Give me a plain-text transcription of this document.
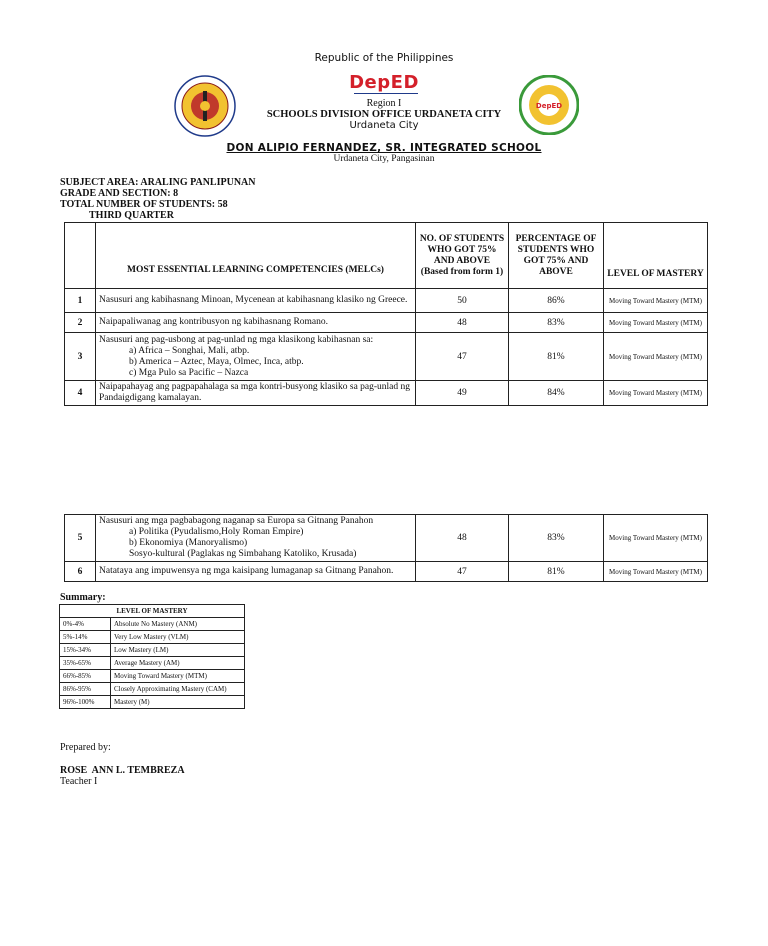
Republic of the Philippines
DepED
DepED
Region I
SCHOOLS DIVISION OFFICE URDANETA CITY
Urdaneta City
DON ALIPIO FERNANDEZ, SR. INTEGRATED SCHOOL
Urdaneta City, Pangasinan
SUBJECT AREA: ARALING PANLIPUNAN
GRADE AND SECTION: 8
TOTAL NUMBER OF STUDENTS: 58
THIRD QUARTER
	MOST ESSENTIAL LEARNING COMPETENCIES (MELCs)	NO. OF STUDENTS WHO GOT 75% AND ABOVE (Based from form 1)	PERCENTAGE OF STUDENTS WHO GOT 75% AND ABOVE	LEVEL OF MASTERY
1	Nasusuri ang kabihasnang Minoan, Mycenean at kabihasnang klasiko ng Greece.	50	86%	Moving Toward Mastery (MTM)
2	Naipapaliwanag ang kontribusyon ng kabihasnang Romano.	48	83%	Moving Toward Mastery (MTM)
3	Nasusuri ang pag-usbong at pag-unlad ng mga klasikong kabihasnan sa:
a) Africa – Songhai, Mali, atbp.
b) America – Aztec, Maya, Olmec, Inca, atbp.
c) Mga Pulo sa Pacific – Nazca	47	81%	Moving Toward Mastery (MTM)
4	Naipapahayag ang pagpapahalaga sa mga kontri-busyong klasiko sa pag-unlad ng Pandaigdigang kamalayan.	49	84%	Moving Toward Mastery (MTM)
5	Nasusuri ang mga pagbabagong naganap sa Europa sa Gitnang Panahon
a) Politika (Pyudalismo,Holy Roman Empire)
b) Ekonomiya (Manoryalismo)
Sosyo-kultural (Paglakas ng Simbahang Katoliko, Krusada)	48	83%	Moving Toward Mastery (MTM)
6	Natataya ang impuwensya ng mga kaisipang lumaganap sa Gitnang Panahon.	47	81%	Moving Toward Mastery (MTM)
Summary:
LEVEL OF MASTERY	
0%-4%	Absolute No Mastery (ANM)
5%-14%	Very Low Mastery (VLM)
15%-34%	Low Mastery (LM)
35%-65%	Average Mastery (AM)
66%-85%	Moving Toward Mastery (MTM)
86%-95%	Closely Approximating Mastery (CAM)
96%-100%	Mastery (M)
Prepared by:
ROSE  ANN L. TEMBREZA
Teacher I
